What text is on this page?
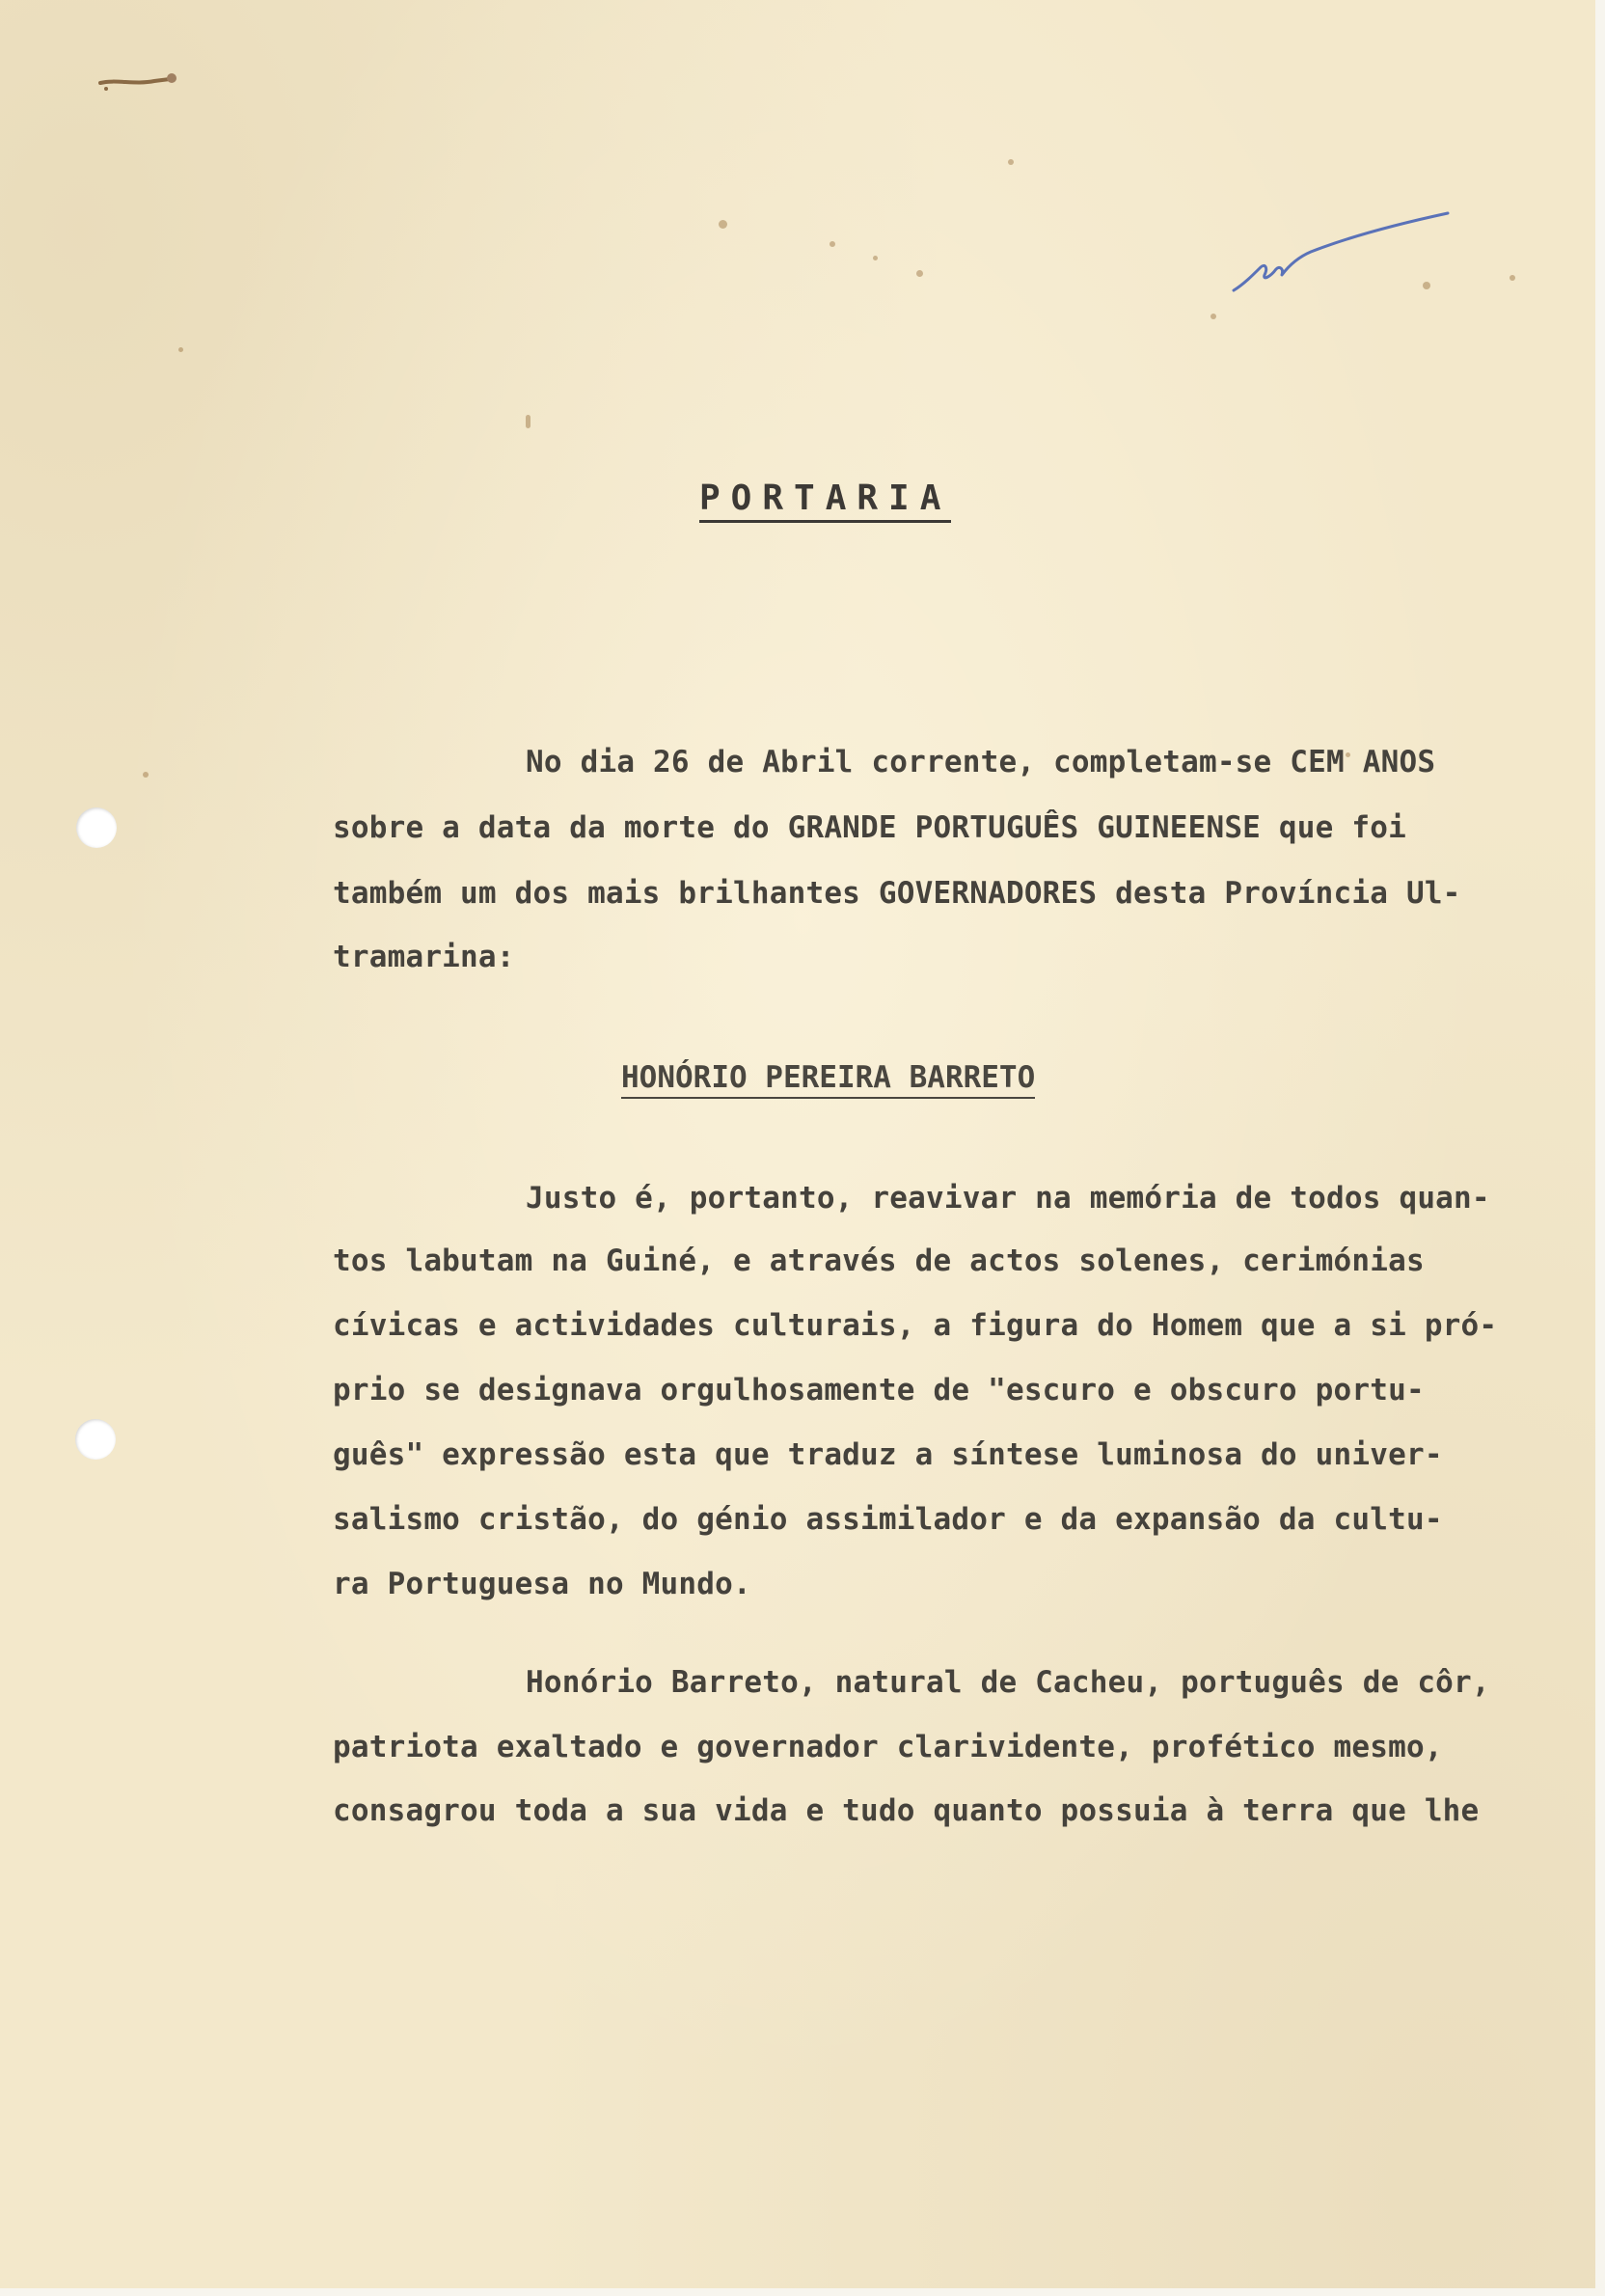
PORTARIA
No dia 26 de Abril corrente, completam-se CEM ANOS
sobre a data da morte do GRANDE PORTUGUÊS GUINEENSE que foi
também um dos mais brilhantes GOVERNADORES desta Província Ul-
tramarina:
HONÓRIO PEREIRA BARRETO
Justo é, portanto, reavivar na memória de todos quan-
tos labutam na Guiné, e através de actos solenes, cerimónias
cívicas e actividades culturais, a figura do Homem que a si pró-
prio se designava orgulhosamente de "escuro e obscuro portu-
guês" expressão esta que traduz a síntese luminosa do univer-
salismo cristão, do génio assimilador e da expansão da cultu-
ra Portuguesa no Mundo.
Honório Barreto, natural de Cacheu, português de côr,
patriota exaltado e governador clarividente, profético mesmo,
consagrou toda a sua vida e tudo quanto possuia à terra que lhe
